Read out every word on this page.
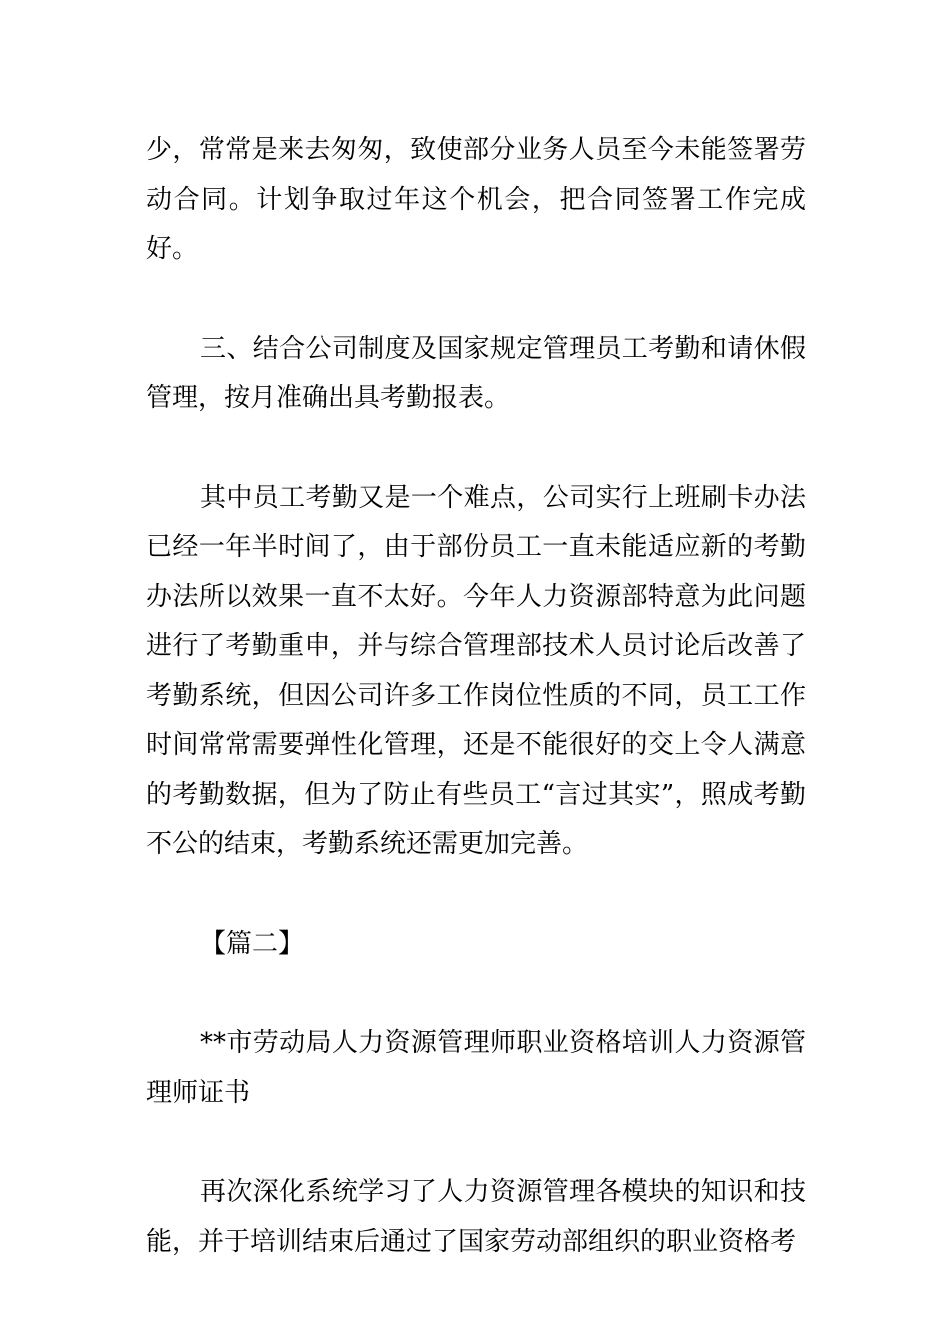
少，常常是来去匆匆，致使部分业务人员至今未能签署劳动合同。计划争取过年这个机会，把合同签署工作完成好。

三、结合公司制度及国家规定管理员工考勤和请休假管理，按月准确出具考勤报表。

其中员工考勤又是一个难点，公司实行上班刷卡办法已经一年半时间了，由于部份员工一直未能适应新的考勤办法所以效果一直不太好。今年人力资源部特意为此问题进行了考勤重申，并与综合管理部技术人员讨论后改善了考勤系统，但因公司许多工作岗位性质的不同，员工工作时间常常需要弹性化管理，还是不能很好的交上令人满意的考勤数据，但为了防止有些员工“言过其实”，照成考勤不公的结束，考勤系统还需更加完善。

【篇二】

**市劳动局人力资源管理师职业资格培训人力资源管理师证书

再次深化系统学习了人力资源管理各模块的知识和技能，并于培训结束后通过了国家劳动部组织的职业资格考
